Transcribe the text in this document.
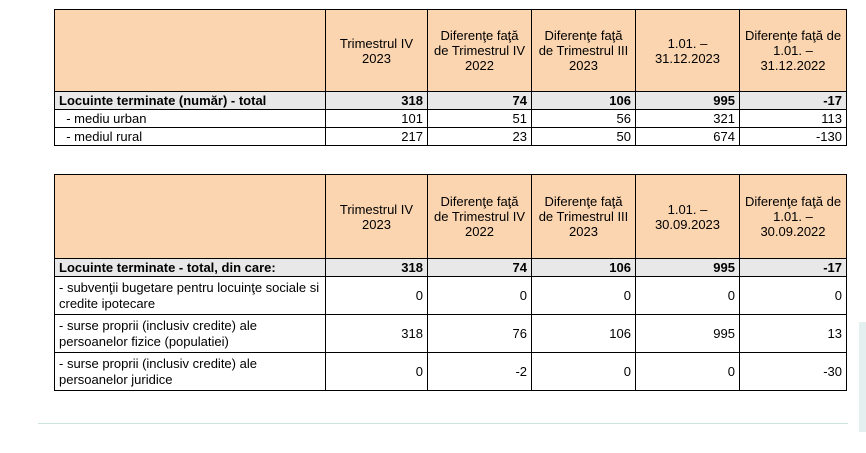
	Trimestrul IV 2023	Diferenţe faţă de Trimestrul IV 2022	Diferenţe faţă de Trimestrul III 2023	1.01. – 31.12.2023	Diferenţe faţă de 1.01. – 31.12.2022
Locuinte terminate (număr) - total	318	74	106	995	-17
- mediu urban	101	51	56	321	113
- mediul rural	217	23	50	674	-130
	Trimestrul IV 2023	Diferenţe faţă de Trimestrul IV 2022	Diferenţe faţă de Trimestrul III 2023	1.01. – 30.09.2023	Diferenţe faţă de 1.01. – 30.09.2022
Locuinte terminate - total, din care:	318	74	106	995	-17
- subvenţii bugetare pentru locuinţe sociale si credite ipotecare	0	0	0	0	0
- surse proprii (inclusiv credite) ale persoanelor fizice (populatiei)	318	76	106	995	13
- surse proprii (inclusiv credite) ale persoanelor juridice	0	-2	0	0	-30
